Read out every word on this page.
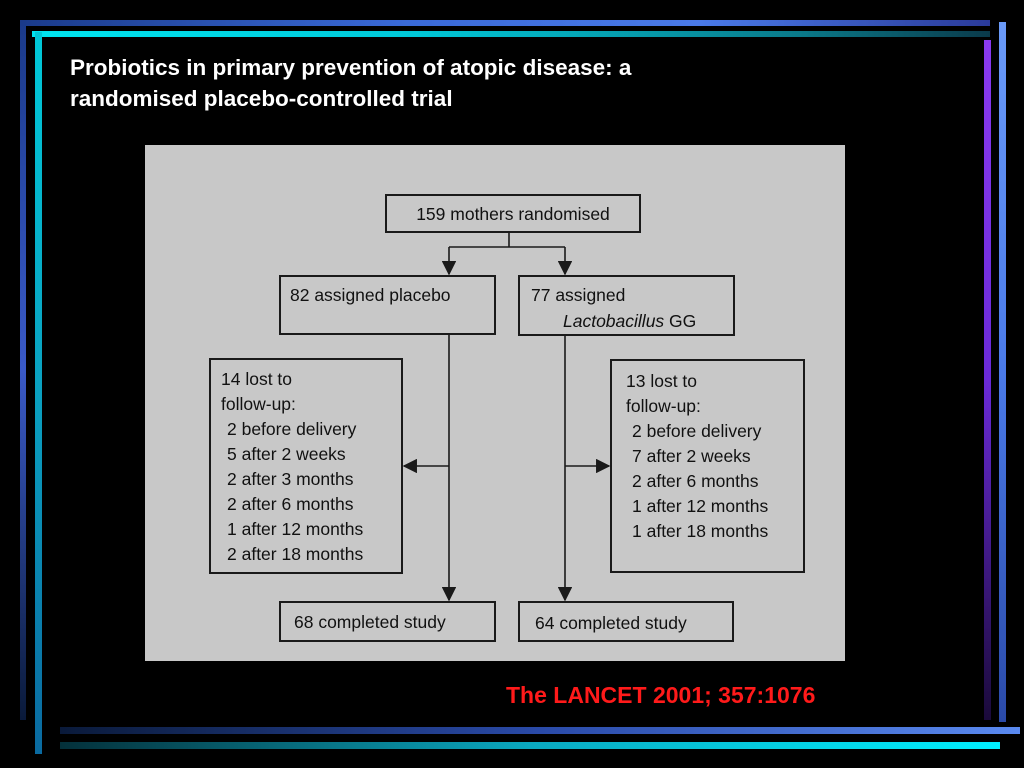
Probiotics in primary prevention of atopic disease: a
randomised placebo-controlled trial
159 mothers randomised
82 assigned placebo	77 assigned
Lactobacillus GG
14 lost to
follow-up:
2 before delivery
5 after 2 weeks
2 after 3 months
2 after 6 months
1 after 12 months
2 after 18 months
13 lost to
follow-up:
2 before delivery
7 after 2 weeks
2 after 6 months
1 after 12 months
1 after 18 months
68 completed study	64 completed study

The LANCET 2001; 357:1076
